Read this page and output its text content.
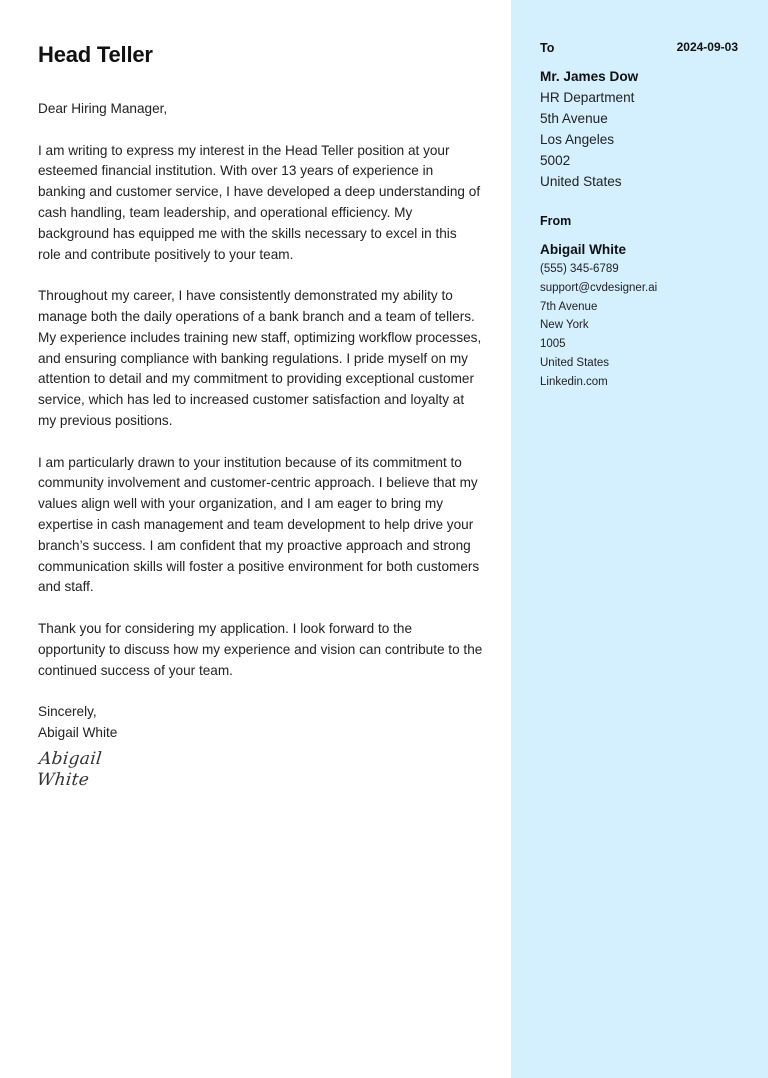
Head Teller	2024-09-03

Dear Hiring Manager,

I am writing to express my interest in the Head Teller position at your esteemed financial institution. With over 13 years of experience in banking and customer service, I have developed a deep understanding of cash handling, team leadership, and operational efficiency. My background has equipped me with the skills necessary to excel in this role and contribute positively to your team.

Throughout my career, I have consistently demonstrated my ability to manage both the daily operations of a bank branch and a team of tellers. My experience includes training new staff, optimizing workflow processes, and ensuring compliance with banking regulations. I pride myself on my attention to detail and my commitment to providing exceptional customer service, which has led to increased customer satisfaction and loyalty at my previous positions.

I am particularly drawn to your institution because of its commitment to community involvement and customer-centric approach. I believe that my values align well with your organization, and I am eager to bring my expertise in cash management and team development to help drive your branch’s success. I am confident that my proactive approach and strong communication skills will foster a positive environment for both customers and staff.

Thank you for considering my application. I look forward to the opportunity to discuss how my experience and vision can contribute to the continued success of your team.

Sincerely,
Abigail White
Abigail White
To
Mr. James Dow
HR Department
5th Avenue
Los Angeles
5002
United States
From
Abigail White
(555) 345-6789
support@cvdesigner.ai
7th Avenue
New York
1005
United States
Linkedin.com
